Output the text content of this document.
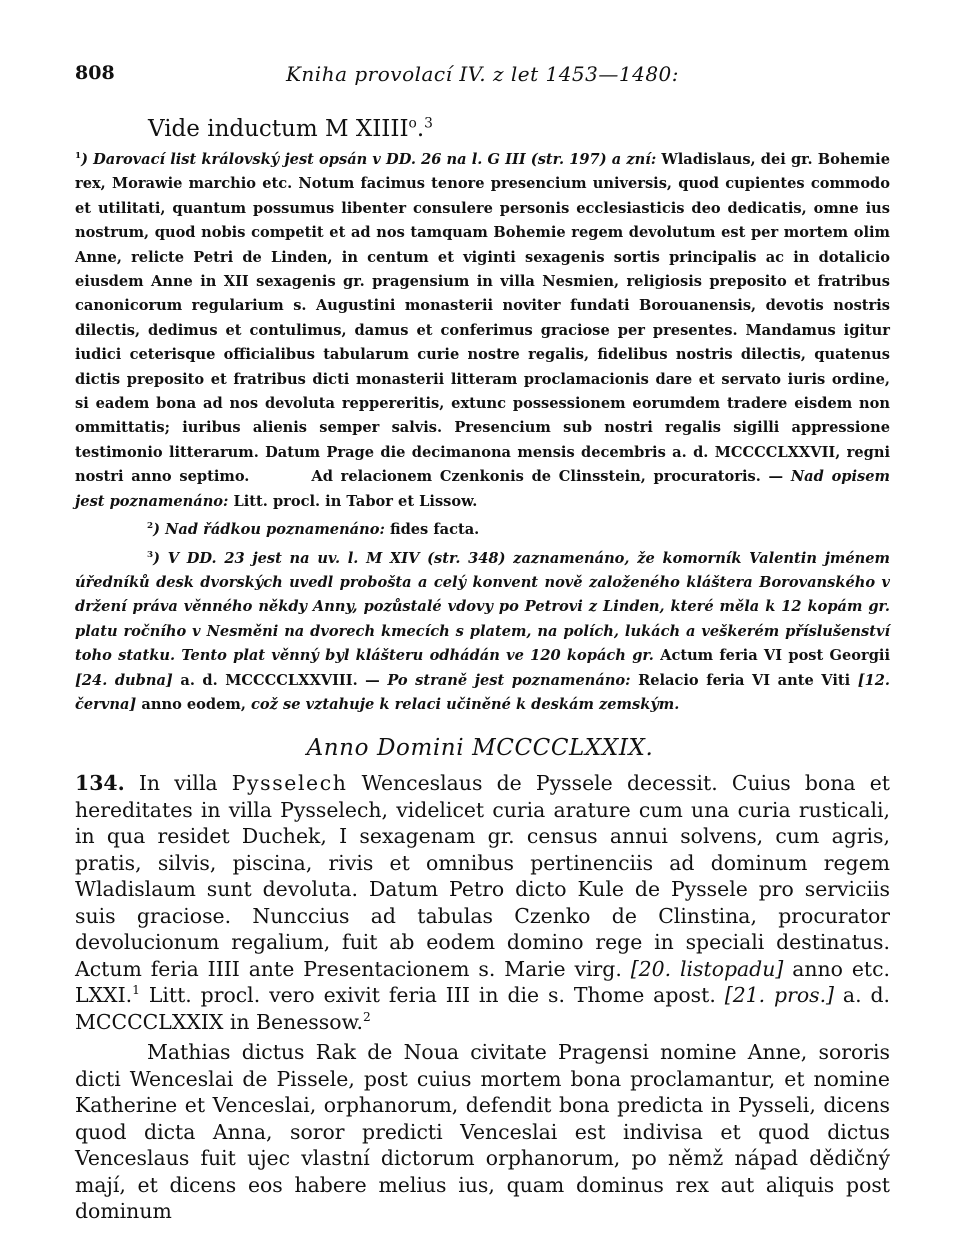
808	Kniha provolací IV. z let 1453—1480:
Vide inductum M XIIII$^o$.$^3$

$^1$) Darovací list královský jest opsán v DD. 26 na l. G III (str. 197) a zní: Wladislaus, dei gr. Bohemie rex, Morawie marchio etc. Notum facimus tenore presencium universis, quod cupientes commodo et utilitati, quantum possumus libenter consulere personis ecclesiasticis deo dedicatis, omne ius nostrum, quod nobis competit et ad nos tamquam Bohemie regem devolutum est per mortem olim Anne, relicte Petri de Linden, in centum et viginti sexagenis sortis principalis ac in dotalicio eiusdem Anne in XII sexagenis gr. pragensium in villa Nesmien, religiosis preposito et fratribus canonicorum regularium s. Augustini monasterii noviter fundati Borouanensis, devotis nostris dilectis, dedimus et contulimus, damus et conferimus graciose per presentes. Mandamus igitur iudici ceterisque officialibus tabularum curie nostre regalis, fidelibus nostris dilectis, quatenus dictis preposito et fratribus dicti monasterii litteram proclamacionis dare et servato iuris ordine, si eadem bona ad nos devoluta reppereritis, extunc possessionem eorumdem tradere eisdem non ommittatis; iuribus alienis semper salvis. Presencium sub nostri regalis sigilli appressione testimonio litterarum. Datum Prage die decimanona mensis decembris a. d. MCCCCLXXVII, regni nostri anno septimo.	Ad relacionem Czenkonis de Clinsstein, procuratoris. — Nad opisem jest poznamenáno: Litt. procl. in Tabor et Lissow.

$^2$) Nad řádkou poznamenáno: fides facta.

$^3$) V DD. 23 jest na uv. l. M XIV (str. 348) zaznamenáno, že komorník Valentin jménem úředníků desk dvorských uvedl probošta a celý konvent nově založeného kláštera Borovanského v držení práva věnného někdy Anny, pozůstalé vdovy po Petrovi z Linden, které měla k 12 kopám gr. platu ročního v Nesměni na dvorech kmecích s platem, na polích, lukách a veškerém příslušenství toho statku. Tento plat věnný byl klášteru odhádán ve 120 kopách gr. Actum feria VI post Georgii [24. dubna] a. d. MCCCCLXXVIII. — Po straně jest poznamenáno: Relacio feria VI ante Viti [12. června] anno eodem, což se vztahuje k relaci učiněné k deskám zemským.

Anno Domini MCCCCLXXIX.

134. In villa Pysselech Wenceslaus de Pyssele decessit. Cuius bona et hereditates in villa Pysselech, videlicet curia arature cum una curia rusticali, in qua residet Duchek, I sexagenam gr. census annui solvens, cum agris, pratis, silvis, piscina, rivis et omnibus pertinenciis ad dominum regem Wladislaum sunt devoluta. Datum Petro dicto Kule de Pyssele pro serviciis suis graciose. Nunccius ad tabulas Czenko de Clinstina, procurator devolucionum regalium, fuit ab eodem domino rege in speciali destinatus. Actum feria IIII ante Presentacionem s. Marie virg. [20. listopadu] anno etc. LXXI.$^1$ Litt. procl. vero exivit feria III in die s. Thome apost. [21. pros.] a. d. MCCCCLXXIX in Benessow.$^2$

Mathias dictus Rak de Noua civitate Pragensi nomine Anne, sororis dicti Wenceslai de Pissele, post cuius mortem bona proclamantur, et nomine Katherine et Venceslai, orphanorum, defendit bona predicta in Pysseli, dicens quod dicta Anna, soror predicti Venceslai est indivisa et quod dictus Venceslaus fuit ujec vlastní dictorum orphanorum, po němž nápad dědičný mají, et dicens eos habere melius ius, quam dominus rex aut aliquis post dominum
